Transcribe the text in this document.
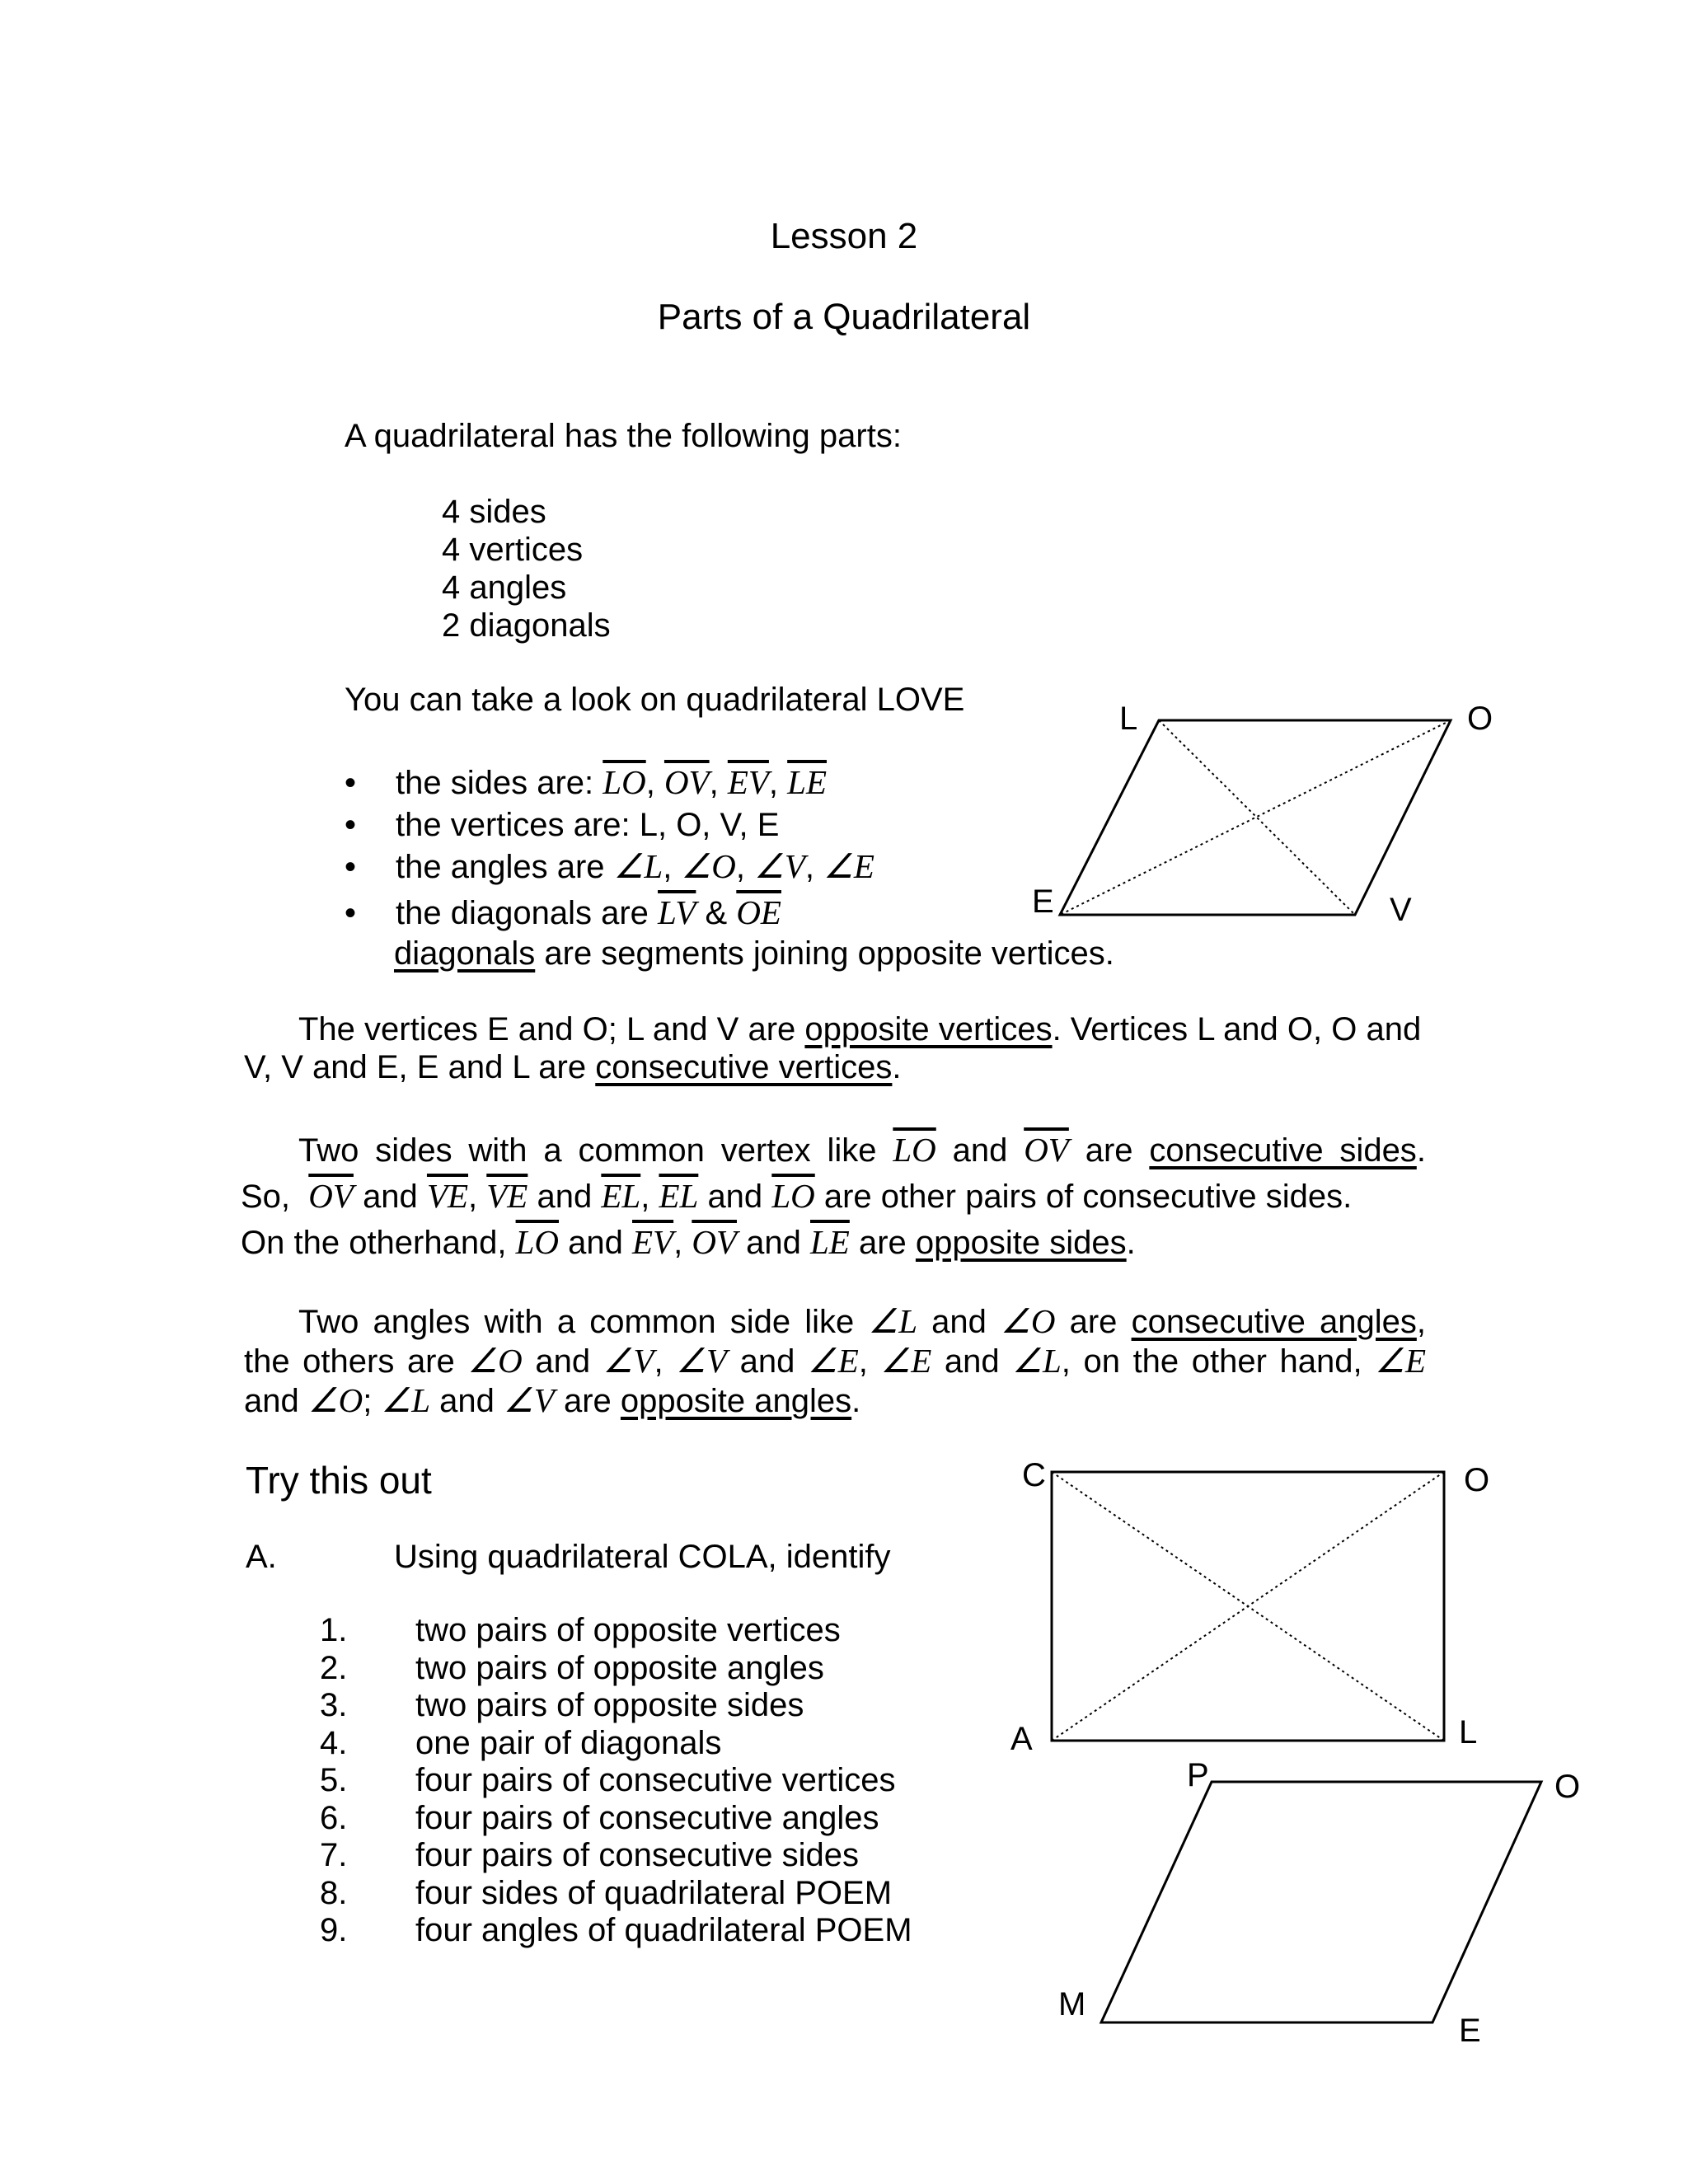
Lesson 2
Parts of a Quadrilateral
A quadrilateral has the following parts:
4 sides
4 vertices
4 angles
2 diagonals
You can take a look on quadrilateral LOVE
• the sides are: $\overline{LO}$, $\overline{OV}$, $\overline{EV}$, $\overline{LE}$
• the vertices are: L, O, V, E
• the angles are ∠L, ∠O, ∠V, ∠E
• the diagonals are $\overline{LV}$ & $\overline{OE}$
diagonals are segments joining opposite vertices.
The vertices E and O; L and V are opposite vertices. Vertices L and O, O and
V, V and E, E and L are consecutive vertices.
Two sides with a common vertex like $\overline{LO}$ and $\overline{OV}$ are consecutive sides.
So, $\overline{OV}$ and $\overline{VE}$, $\overline{VE}$ and $\overline{EL}$, $\overline{EL}$ and $\overline{LO}$ are other pairs of consecutive sides.
On the otherhand, $\overline{LO}$ and $\overline{EV}$, $\overline{OV}$ and $\overline{LE}$ are opposite sides.
Two angles with a common side like ∠L and ∠O are consecutive angles,
the others are ∠O and ∠V, ∠V and ∠E, ∠E and ∠L, on the other hand, ∠E
and ∠O; ∠L and ∠V are opposite angles.
Try this out
A.	Using quadrilateral COLA, identify
1. two pairs of opposite vertices
2. two pairs of opposite angles
3. two pairs of opposite sides
4. one pair of diagonals
5. four pairs of consecutive vertices
6. four pairs of consecutive angles
7. four pairs of consecutive sides
8. four sides of quadrilateral POEM
9. four angles of quadrilateral POEM
L	O
V
E
C	O
L
A
P	O
E
M
